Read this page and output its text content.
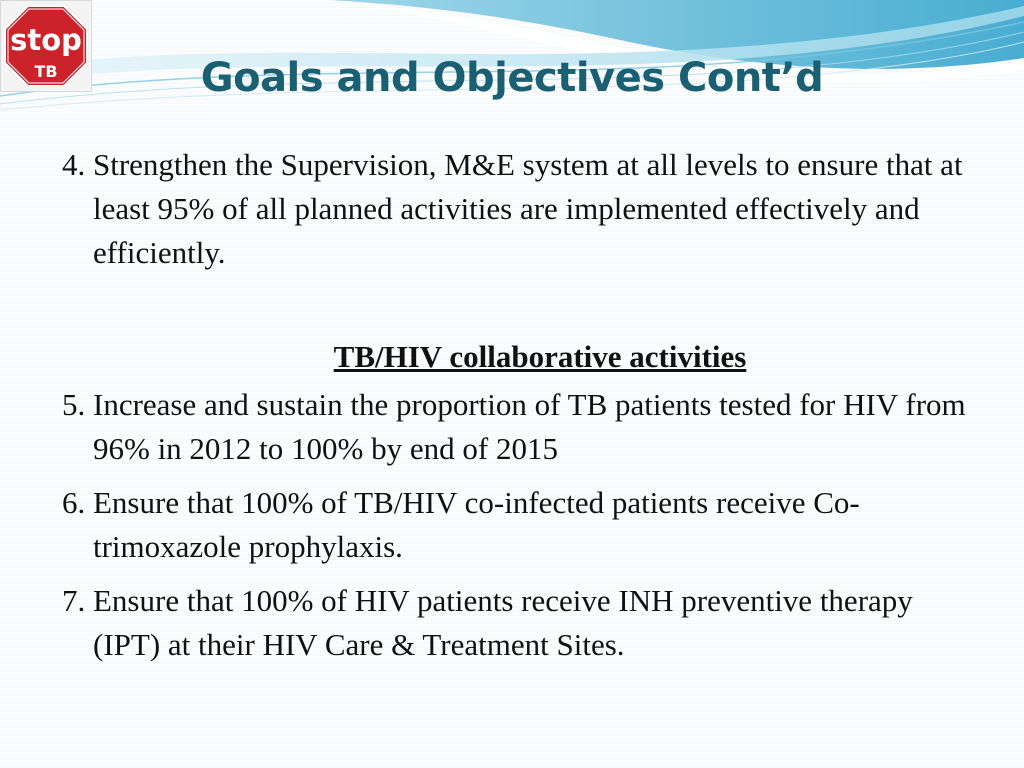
stop
TB	Goals and Objectives Cont’d

4. Strengthen the Supervision, M&E system at all levels to ensure that at least 95% of all planned activities are implemented effectively and efficiently.

TB/HIV collaborative activities

5. Increase and sustain the proportion of TB patients tested for HIV from 96% in 2012 to 100% by end of 2015

6. Ensure that 100% of TB/HIV co-infected patients receive Co-trimoxazole prophylaxis.

7. Ensure that 100% of HIV patients receive INH preventive therapy (IPT) at their HIV Care & Treatment Sites.
